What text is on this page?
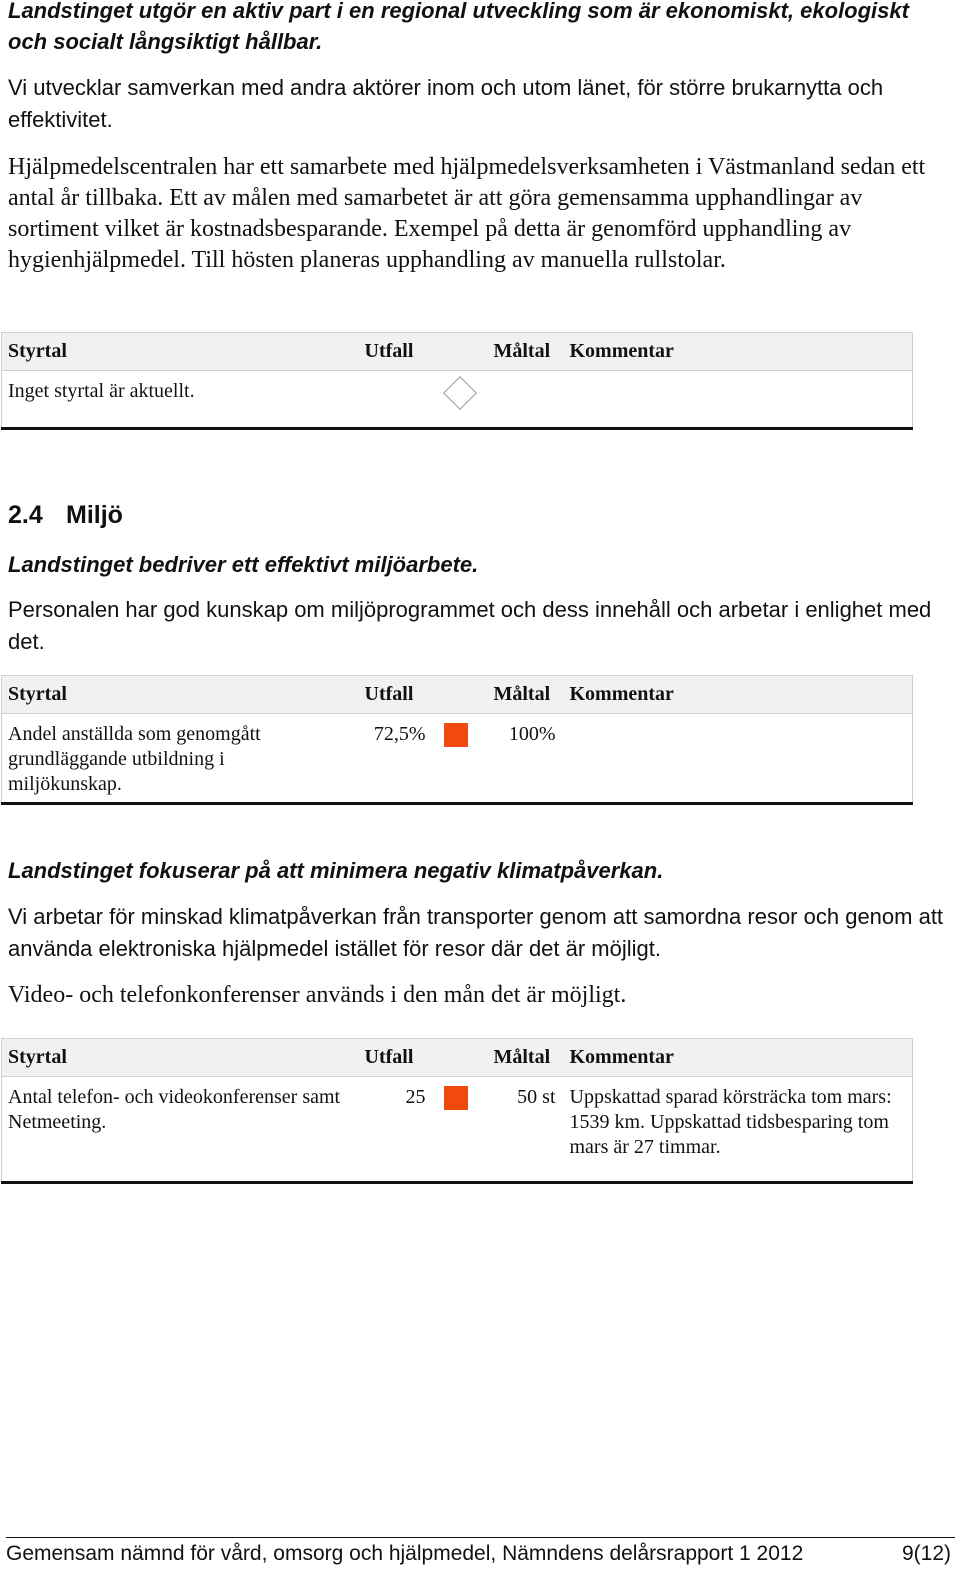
Landstinget utgör en aktiv part i en regional utveckling som är ekonomiskt, ekologiskt och socialt långsiktigt hållbar.

Vi utvecklar samverkan med andra aktörer inom och utom länet, för större brukarnytta och effektivitet.

Hjälpmedelscentralen har ett samarbete med hjälpmedelsverksamheten i Västmanland sedan ett antal år tillbaka. Ett av målen med samarbetet är att göra gemensamma upphandlingar av sortiment vilket är kostnadsbesparande. Exempel på detta är genomförd upphandling av hygienhjälpmedel. Till hösten planeras upphandling av manuella rullstolar.

Styrtal	Utfall		Måltal	Kommentar
Inget styrtal är aktuellt.		

2.4 Miljö

Landstinget bedriver ett effektivt miljöarbete.

Personalen har god kunskap om miljöprogrammet och dess innehåll och arbetar i enlighet med det.

Styrtal	Utfall		Måltal	Kommentar
Andel anställda som genomgått grundläggande utbildning i miljökunskap.	72,5%		100%	

Landstinget fokuserar på att minimera negativ klimatpåverkan.

Vi arbetar för minskad klimatpåverkan från transporter genom att samordna resor och genom att använda elektroniska hjälpmedel istället för resor där det är möjligt.

Video- och telefonkonferenser används i den mån det är möjligt.

Styrtal	Utfall		Måltal	Kommentar
Antal telefon- och videokonferenser samt Netmeeting.	25		50 st	Uppskattad sparad körsträcka tom mars: 1539 km. Uppskattad tidsbesparing tom mars är 27 timmar.
Gemensam nämnd för vård, omsorg och hjälpmedel, Nämndens delårsrapport 1 2012	9(12)
